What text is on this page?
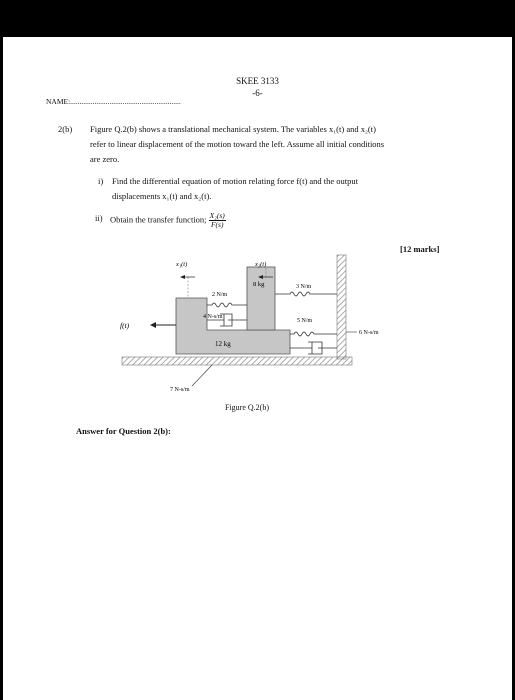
SKEE 3133
-6-
NAME:...........................................................
2(b) Figure Q.2(b) shows a translational mechanical system. The variables x₁(t) and x₂(t)
refer to linear displacement of the motion toward the left. Assume all initial conditions
are zero.
i) Find the differential equation of motion relating force f(t) and the output
displacements x₁(t) and x₂(t).
ii) Obtain the transfer function; $\frac{\text{X₂(s)}}{F(s)}$
[12 marks]
12 kg
8 kg
2 N/m
4 N-s/m
3 N/m
5 N/m
6 N-s/m
f(t)
x₁(t)	x₂(t)
7 N-s/m
Figure Q.2(b)
Answer for Question 2(b):
